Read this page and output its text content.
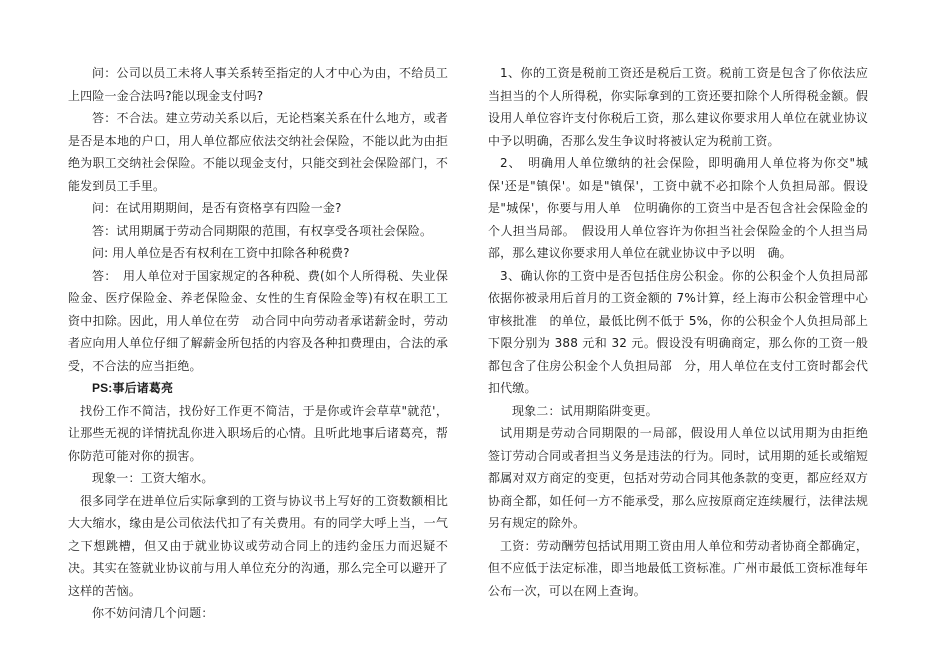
问：公司以员工未将人事关系转至指定的人才中心为由，不给员工上四险一金合法吗?能以现金支付吗?

答：不合法。建立劳动关系以后，无论档案关系在什么地方，或者是否是本地的户口，用人单位都应依法交纳社会保险，不能以此为由拒绝为职工交纳社会保险。不能以现金支付，只能交到社会保险部门，不能发到员工手里。

问：在试用期期间，是否有资格享有四险一金?

答：试用期属于劳动合同期限的范围，有权享受各项社会保险。

问: 用人单位是否有权利在工资中扣除各种税费?

答：　用人单位对于国家规定的各种税、费(如个人所得税、失业保险金、医疗保险金、养老保险金、女性的生育保险金等)有权在职工工资中扣除。因此，用人单位在劳　动合同中向劳动者承诺薪金时，劳动者应向用人单位仔细了解薪金所包括的内容及各种扣费理由，合法的承受，不合法的应当拒绝。

PS:事后诸葛亮

找份工作不简洁，找份好工作更不简洁，于是你或许会草草"就范'，让那些无视的详情扰乱你进入职场后的心情。且听此地事后诸葛亮，帮你防范可能对你的损害。

现象一：工资大缩水。

很多同学在进单位后实际拿到的工资与协议书上写好的工资数额相比大大缩水，缘由是公司依法代扣了有关费用。有的同学大呼上当，一气之下想跳槽，但又由于就业协议或劳动合同上的违约金压力而迟疑不决。其实在签就业协议前与用人单位充分的沟通，那么完全可以避开了这样的苦恼。

你不妨问清几个问题：

1、你的工资是税前工资还是税后工资。税前工资是包含了你依法应当担当的个人所得税，你实际拿到的工资还要扣除个人所得税金额。假设用人单位容许支付你税后工资，那么建议你要求用人单位在就业协议中予以明确，否那么发生争议时将被认定为税前工资。

2、　明确用人单位缴纳的社会保险，即明确用人单位将为你交"城保'还是"镇保'。如是"镇保'，工资中就不必扣除个人负担局部。假设是"城保'，你要与用人单　位明确你的工资当中是否包含社会保险金的个人担当局部。　假设用人单位容许为你担当社会保险金的个人担当局部，那么建议你要求用人单位在就业协议中予以明　确。

3、确认你的工资中是否包括住房公积金。你的公积金个人负担局部依据你被录用后首月的工资金额的 7%计算，经上海市公积金管理中心审核批准　的单位，最低比例不低于 5%，你的公积金个人负担局部上下限分别为 388 元和 32 元。假设没有明确商定，那么你的工资一般都包含了住房公积金个人负担局部　分，用人单位在支付工资时都会代扣代缴。

现象二：试用期陷阱变更。

试用期是劳动合同期限的一局部，假设用人单位以试用期为由拒绝　签订劳动合同或者担当义务是违法的行为。同时，试用期的延长或缩短都属对双方商定的变更，包括对劳动合同其他条款的变更，都应经双方协商全都，如任何一方不能承受，那么应按原商定连续履行，法律法规另有规定的除外。

工资：劳动酬劳包括试用期工资由用人单位和劳动者协商全都确定，但不应低于法定标准，即当地最低工资标准。广州市最低工资标准每年公布一次，可以在网上查询。
